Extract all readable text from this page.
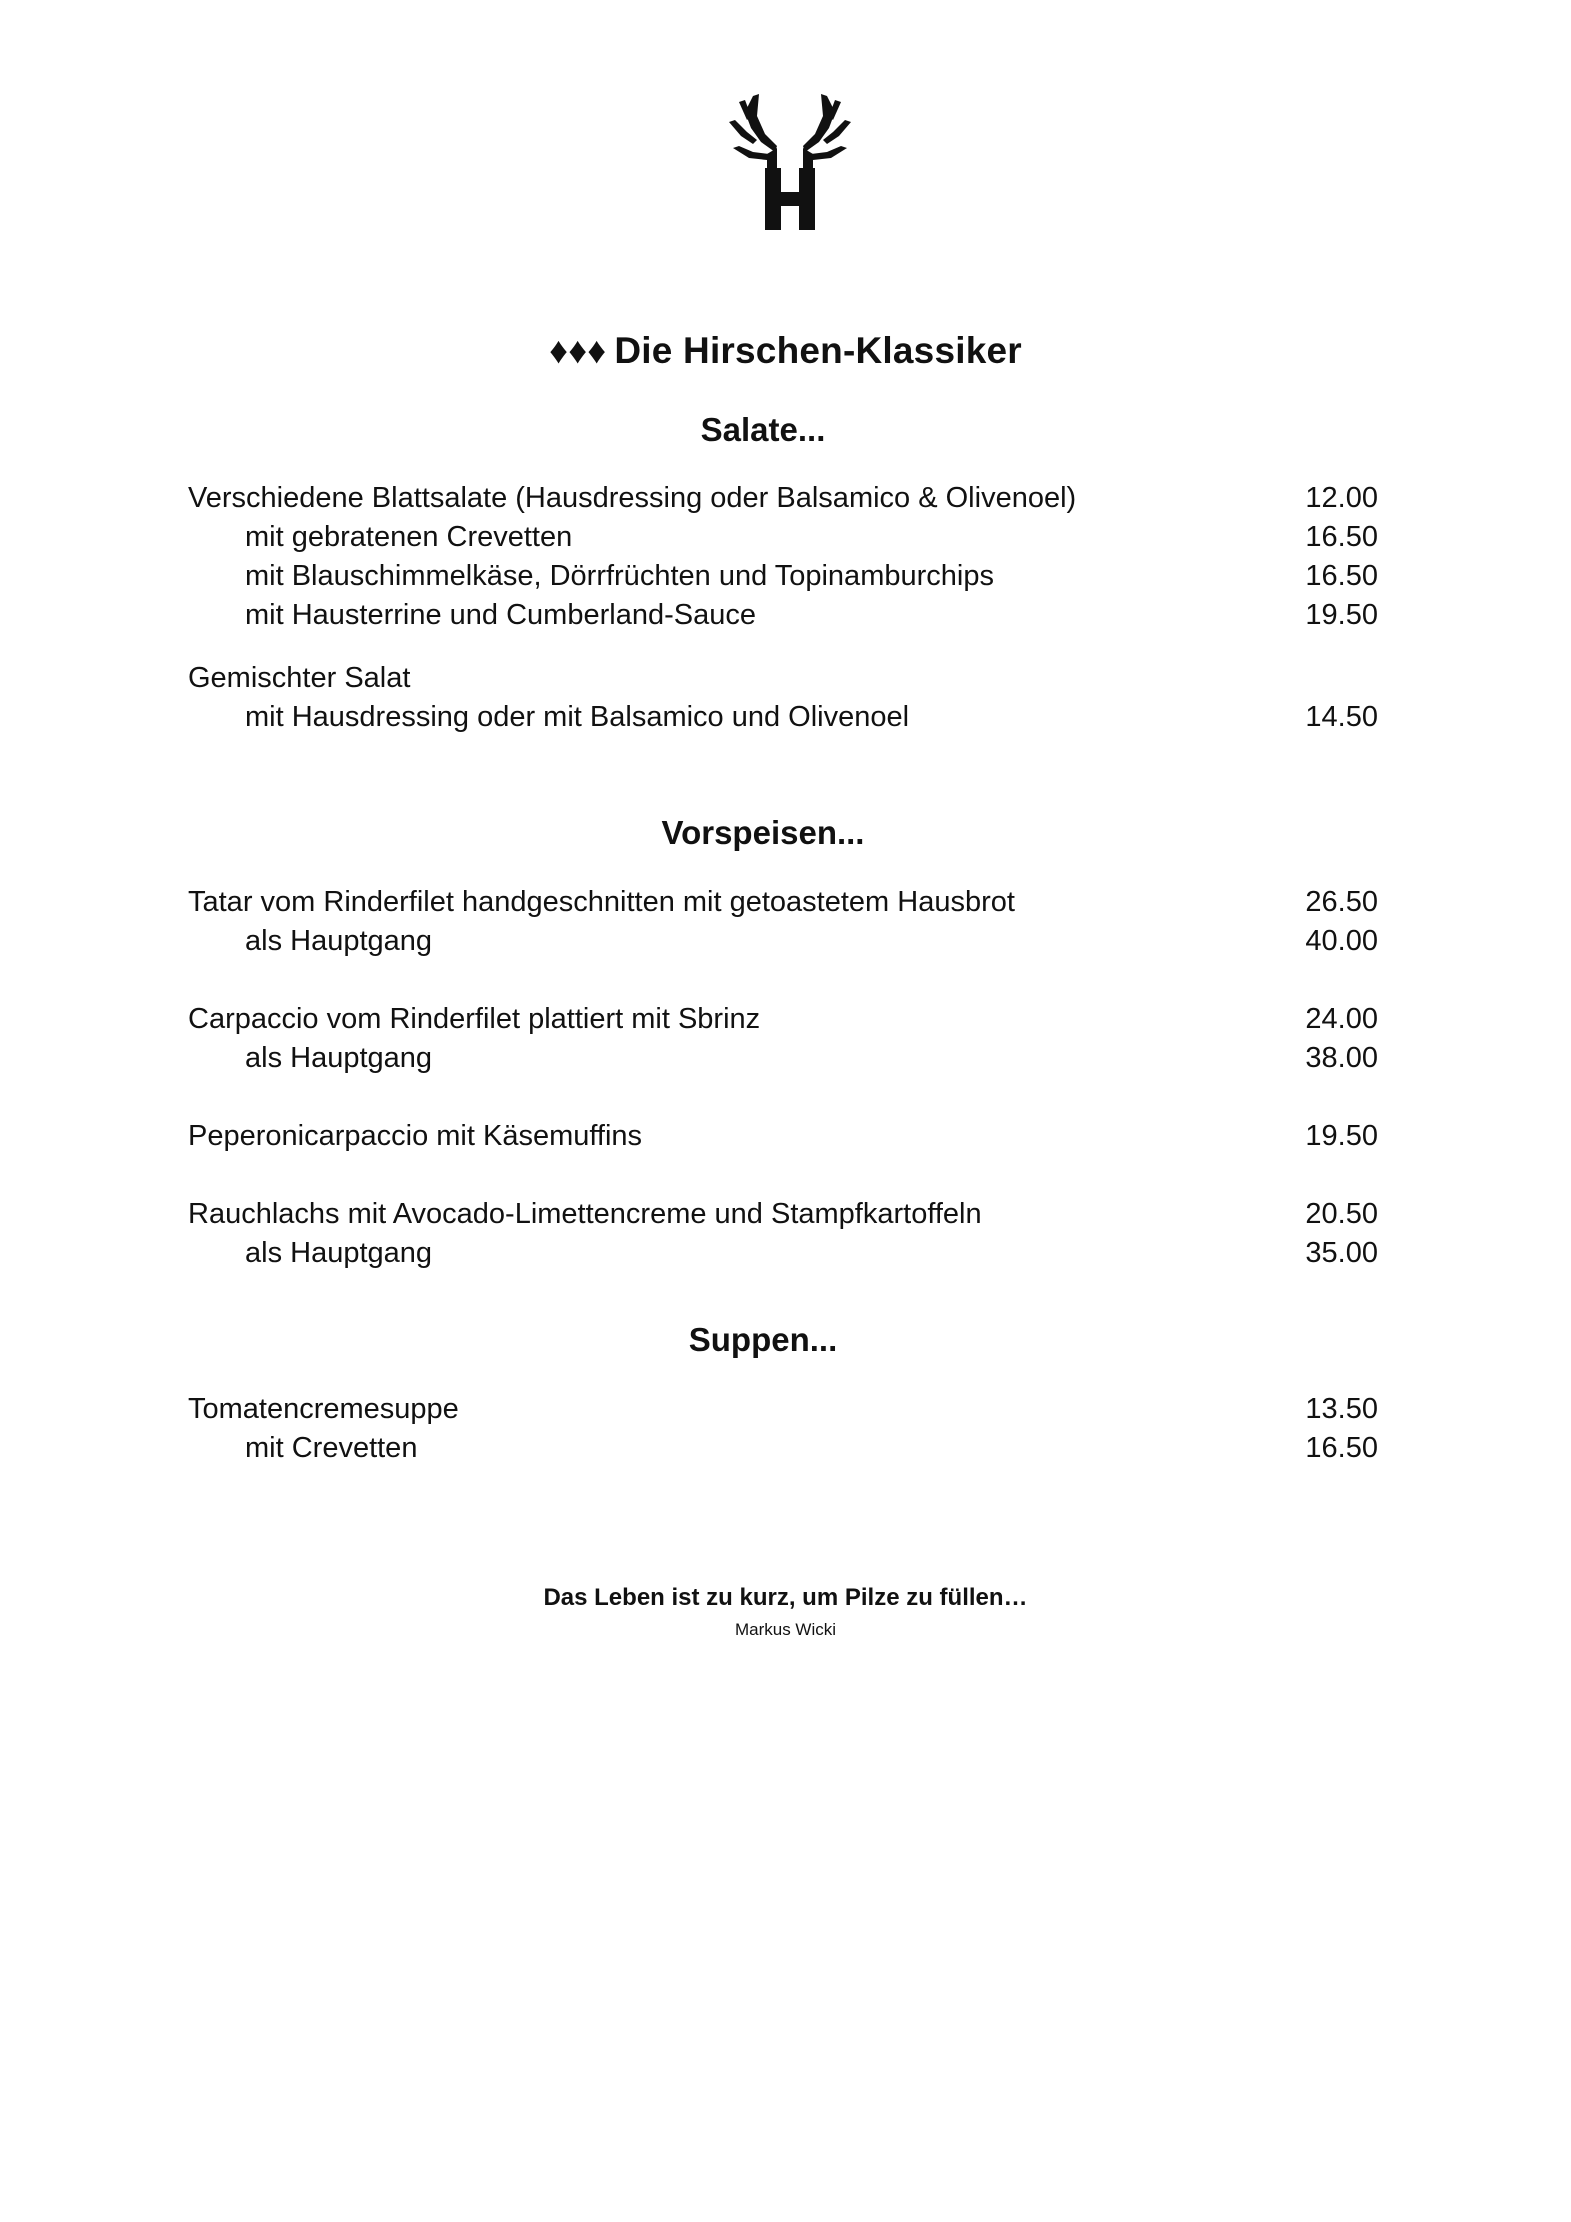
♦♦♦ Die Hirschen-Klassiker
Salate...
Verschiedene Blattsalate (Hausdressing oder Balsamico & Olivenoel)	12.00
mit gebratenen Crevetten	16.50
mit Blauschimmelkäse, Dörrfrüchten und Topinamburchips	16.50
mit Hausterrine und Cumberland-Sauce	19.50
Gemischter Salat
mit Hausdressing oder mit Balsamico und Olivenoel	14.50
Vorspeisen...
Tatar vom Rinderfilet handgeschnitten mit getoastetem Hausbrot	26.50
als Hauptgang	40.00
Carpaccio vom Rinderfilet plattiert mit Sbrinz	24.00
als Hauptgang	38.00
Peperonicarpaccio mit Käsemuffins	19.50
Rauchlachs mit Avocado-Limettencreme und Stampfkartoffeln	20.50
als Hauptgang	35.00
Suppen...
Tomatencremesuppe	13.50
mit Crevetten	16.50
Das Leben ist zu kurz, um Pilze zu füllen…
Markus Wicki
